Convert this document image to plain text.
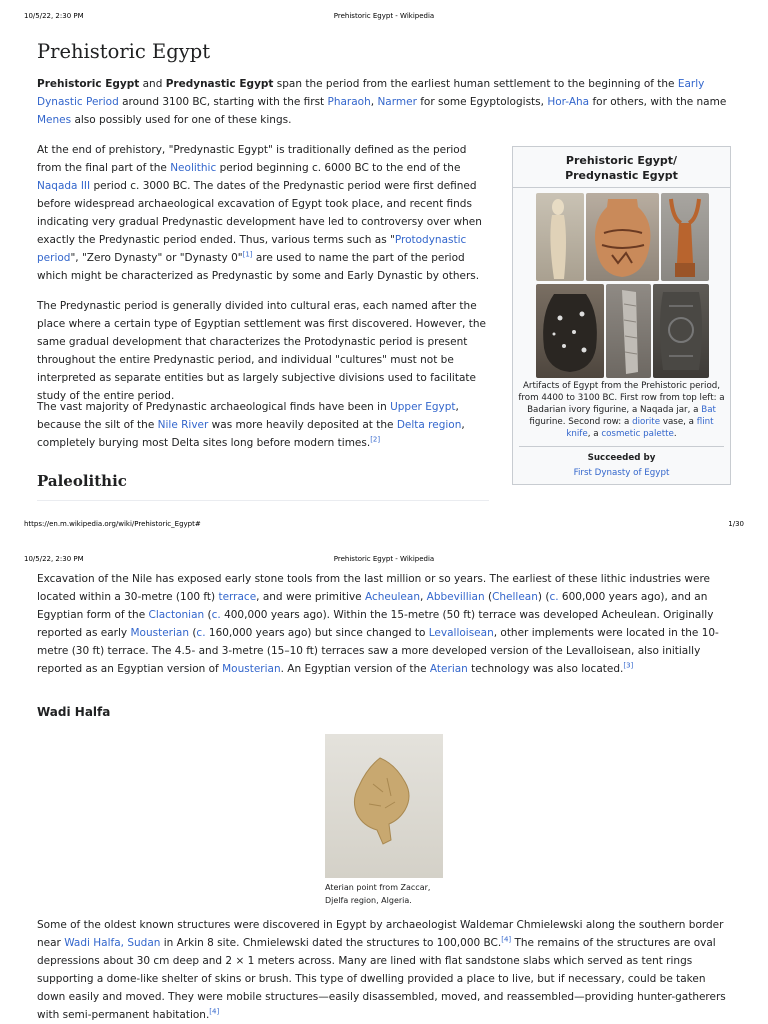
10/5/22, 2:30 PM	Prehistoric Egypt - Wikipedia
Prehistoric Egypt

Prehistoric Egypt and Predynastic Egypt span the period from the earliest human settlement to the beginning of the Early Dynastic Period around 3100 BC, starting with the first Pharaoh, Narmer for some Egyptologists, Hor-Aha for others, with the name Menes also possibly used for one of these kings.

At the end of prehistory, "Predynastic Egypt" is traditionally defined as the period from the final part of the Neolithic period beginning c. 6000 BC to the end of the Naqada III period c. 3000 BC. The dates of the Predynastic period were first defined before widespread archaeological excavation of Egypt took place, and recent finds indicating very gradual Predynastic development have led to controversy over when exactly the Predynastic period ended. Thus, various terms such as "Protodynastic period", "Zero Dynasty" or "Dynasty 0"[1] are used to name the part of the period which might be characterized as Predynastic by some and Early Dynastic by others.

The Predynastic period is generally divided into cultural eras, each named after the place where a certain type of Egyptian settlement was first discovered. However, the same gradual development that characterizes the Protodynastic period is present throughout the entire Predynastic period, and individual "cultures" must not be interpreted as separate entities but as largely subjective divisions used to facilitate study of the entire period.

The vast majority of Predynastic archaeological finds have been in Upper Egypt, because the silt of the Nile River was more heavily deposited at the Delta region, completely burying most Delta sites long before modern times.[2]

Paleolithic
Prehistoric Egypt/
Predynastic Egypt
Artifacts of Egypt from the Prehistoric period, from 4400 to 3100 BC. First row from top left: a Badarian ivory figurine, a Naqada jar, a Bat figurine. Second row: a diorite vase, a flint knife, a cosmetic palette.
Succeeded by
First Dynasty of Egypt
https://en.m.wikipedia.org/wiki/Prehistoric_Egypt#	1/30
10/5/22, 2:30 PM	Prehistoric Egypt - Wikipedia

Excavation of the Nile has exposed early stone tools from the last million or so years. The earliest of these lithic industries were located within a 30-metre (100 ft) terrace, and were primitive Acheulean, Abbevillian (Chellean) (c. 600,000 years ago), and an Egyptian form of the Clactonian (c. 400,000 years ago). Within the 15-metre (50 ft) terrace was developed Acheulean. Originally reported as early Mousterian (c. 160,000 years ago) but since changed to Levalloisean, other implements were located in the 10-metre (30 ft) terrace. The 4.5- and 3-metre (15–10 ft) terraces saw a more developed version of the Levalloisean, also initially reported as an Egyptian version of Mousterian. An Egyptian version of the Aterian technology was also located.[3]

Wadi Halfa
Aterian point from Zaccar, Djelfa region, Algeria.

Some of the oldest known structures were discovered in Egypt by archaeologist Waldemar Chmielewski along the southern border near Wadi Halfa, Sudan in Arkin 8 site. Chmielewski dated the structures to 100,000 BC.[4] The remains of the structures are oval depressions about 30 cm deep and 2 × 1 meters across. Many are lined with flat sandstone slabs which served as tent rings supporting a dome-like shelter of skins or brush. This type of dwelling provided a place to live, but if necessary, could be taken down easily and moved. They were mobile structures—easily disassembled, moved, and reassembled—providing hunter-gatherers with semi-permanent habitation.[4]
